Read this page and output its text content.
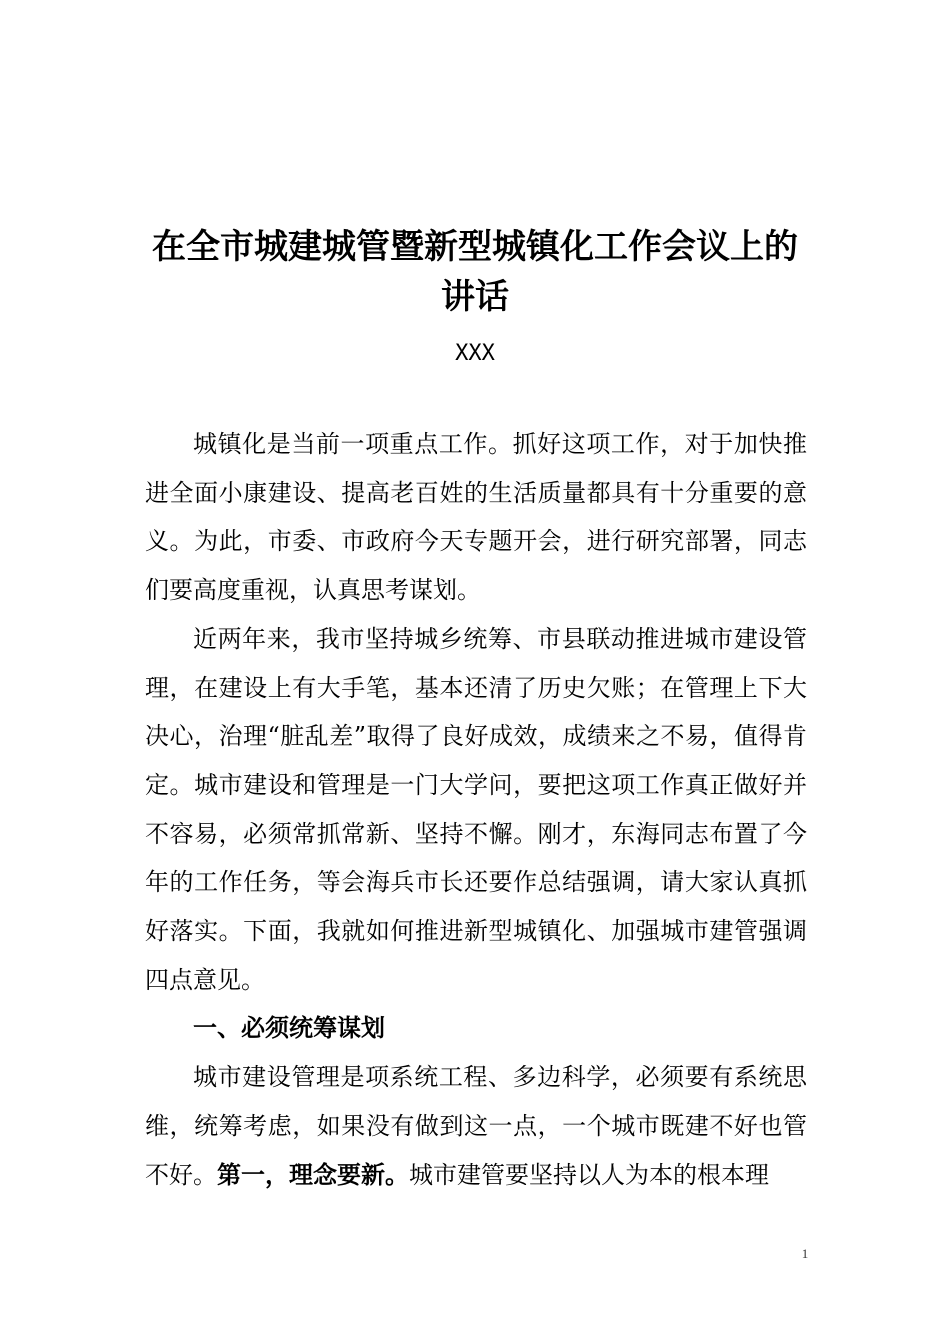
在全市城建城管暨新型城镇化工作会议上的讲话
XXX

城镇化是当前一项重点工作。抓好这项工作，对于加快推进全面小康建设、提高老百姓的生活质量都具有十分重要的意义。为此，市委、市政府今天专题开会，进行研究部署，同志们要高度重视，认真思考谋划。

近两年来，我市坚持城乡统筹、市县联动推进城市建设管理，在建设上有大手笔，基本还清了历史欠账；在管理上下大决心，治理“脏乱差”取得了良好成效，成绩来之不易，值得肯定。城市建设和管理是一门大学问，要把这项工作真正做好并不容易，必须常抓常新、坚持不懈。刚才，东海同志布置了今年的工作任务，等会海兵市长还要作总结强调，请大家认真抓好落实。下面，我就如何推进新型城镇化、加强城市建管强调四点意见。

一、必须统筹谋划

城市建设管理是项系统工程、多边科学，必须要有系统思维，统筹考虑，如果没有做到这一点，一个城市既建不好也管不好。第一，理念要新。城市建管要坚持以人为本的根本理

1
